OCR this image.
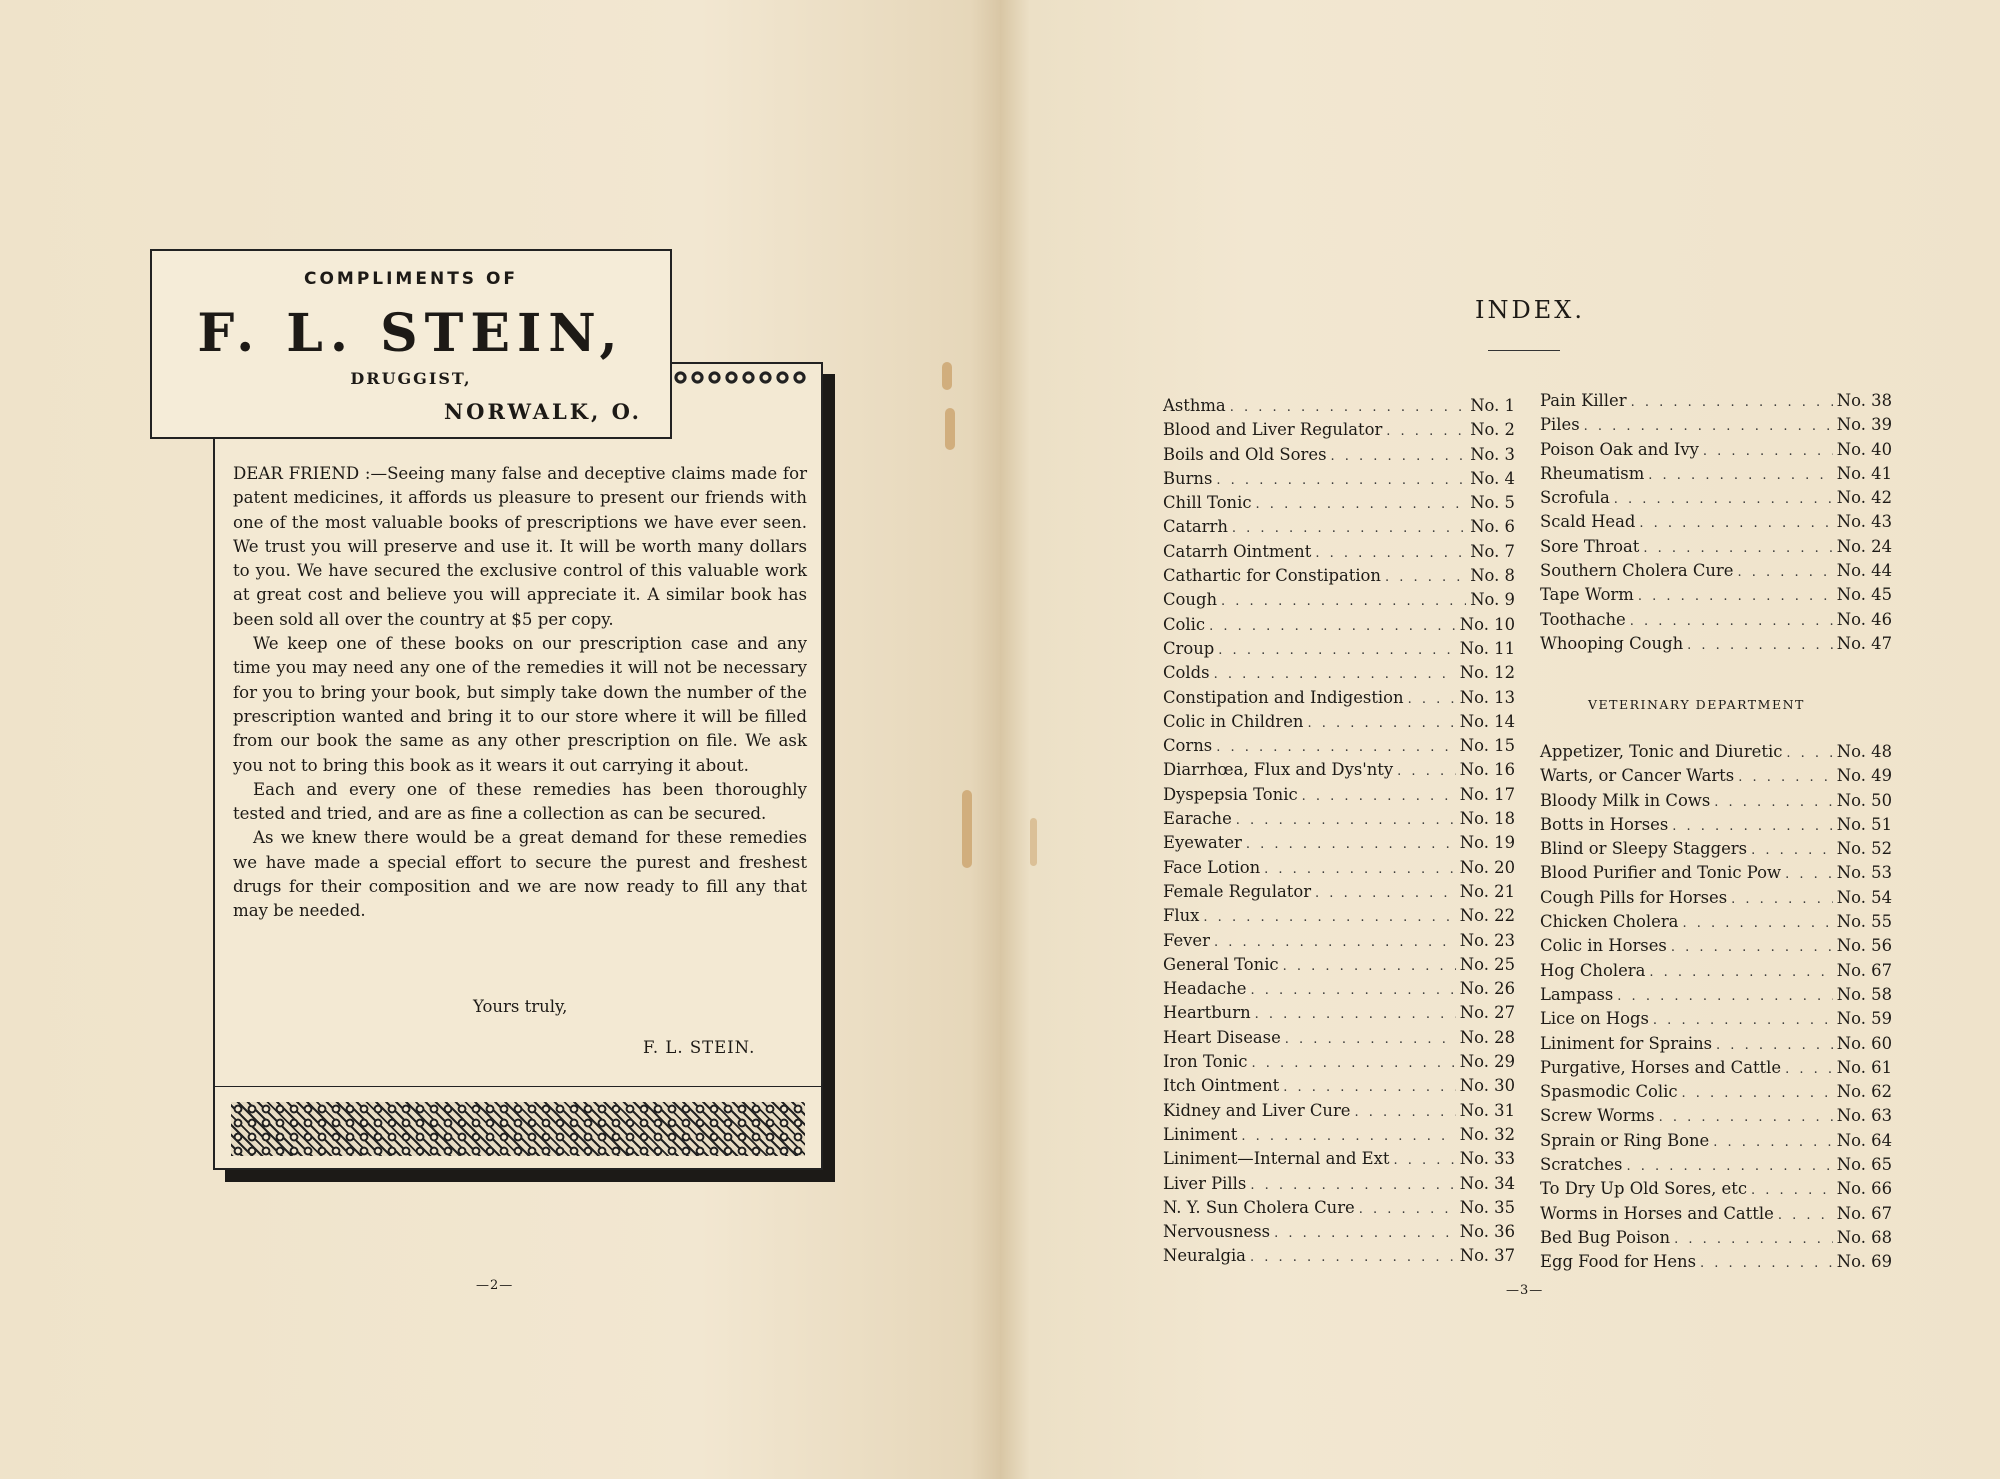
COMPLIMENTS OF
F. L. STEIN,
DRUGGIST,
NORWALK, O.

DEAR FRIEND :—Seeing many false and deceptive claims made for patent medicines, it affords us pleasure to present our friends with one of the most valuable books of prescriptions we have ever seen. We trust you will preserve and use it. It will be worth many dollars to you. We have secured the exclusive control of this valuable work at great cost and believe you will appreciate it. A similar book has been sold all over the country at $5 per copy.

We keep one of these books on our prescription case and any time you may need any one of the remedies it will not be necessary for you to bring your book, but simply take down the number of the prescription wanted and bring it to our store where it will be filled from our book the same as any other prescription on file. We ask you not to bring this book as it wears it out carrying it about.

Each and every one of these remedies has been thoroughly tested and tried, and are as fine a collection as can be secured.

As we knew there would be a great demand for these remedies we have made a special effort to secure the purest and freshest drugs for their composition and we are now ready to fill any that may be needed.

Yours truly,
F. L. STEIN.
—2—
INDEX.
Asthma . . .	No. 1
Blood and Liver Regulator . . .	No. 2
Boils and Old Sores . . .	No. 3
Burns . . .	No. 4
Chill Tonic . . .	No. 5
Catarrh . . .	No. 6
Catarrh Ointment . . .	No. 7
Cathartic for Constipation . . .	No. 8
Cough . . .	No. 9
Colic . . .	No. 10
Croup . . .	No. 11
Colds . . .	No. 12
Constipation and Indigestion . . .	No. 13
Colic in Children . . .	No. 14
Corns . . .	No. 15
Diarrhœa, Flux and Dys'nty . . .	No. 16
Dyspepsia Tonic . . .	No. 17
Earache . . .	No. 18
Eyewater . . .	No. 19
Face Lotion . . .	No. 20
Female Regulator . . .	No. 21
Flux . . .	No. 22
Fever . . .	No. 23
General Tonic . . .	No. 25
Headache . . .	No. 26
Heartburn . . .	No. 27
Heart Disease . . .	No. 28
Iron Tonic . . .	No. 29
Itch Ointment . . .	No. 30
Kidney and Liver Cure . . .	No. 31
Liniment . . .	No. 32
Liniment—Internal and Ext . . .	No. 33
Liver Pills . . .	No. 34
N. Y. Sun Cholera Cure . . .	No. 35
Nervousness . . .	No. 36
Neuralgia . . .	No. 37
Pain Killer . . .	No. 38
Piles . . .	No. 39
Poison Oak and Ivy . . .	No. 40
Rheumatism . . .	No. 41
Scrofula . . .	No. 42
Scald Head . . .	No. 43
Sore Throat . . .	No. 24
Southern Cholera Cure . . .	No. 44
Tape Worm . . .	No. 45
Toothache . . .	No. 46
Whooping Cough . . .	No. 47
VETERINARY DEPARTMENT
Appetizer, Tonic and Diuretic . . .	No. 48
Warts, or Cancer Warts . . .	No. 49
Bloody Milk in Cows . . .	No. 50
Botts in Horses . . .	No. 51
Blind or Sleepy Staggers . . .	No. 52
Blood Purifier and Tonic Pow . . .	No. 53
Cough Pills for Horses . . .	No. 54
Chicken Cholera . . .	No. 55
Colic in Horses . . .	No. 56
Hog Cholera . . .	No. 67
Lampass . . .	No. 58
Lice on Hogs . . .	No. 59
Liniment for Sprains . . .	No. 60
Purgative, Horses and Cattle . . .	No. 61
Spasmodic Colic . . .	No. 62
Screw Worms . . .	No. 63
Sprain or Ring Bone . . .	No. 64
Scratches . . .	No. 65
To Dry Up Old Sores, etc . . .	No. 66
Worms in Horses and Cattle . . .	No. 67
Bed Bug Poison . . .	No. 68
Egg Food for Hens . . .	No. 69
—3—
